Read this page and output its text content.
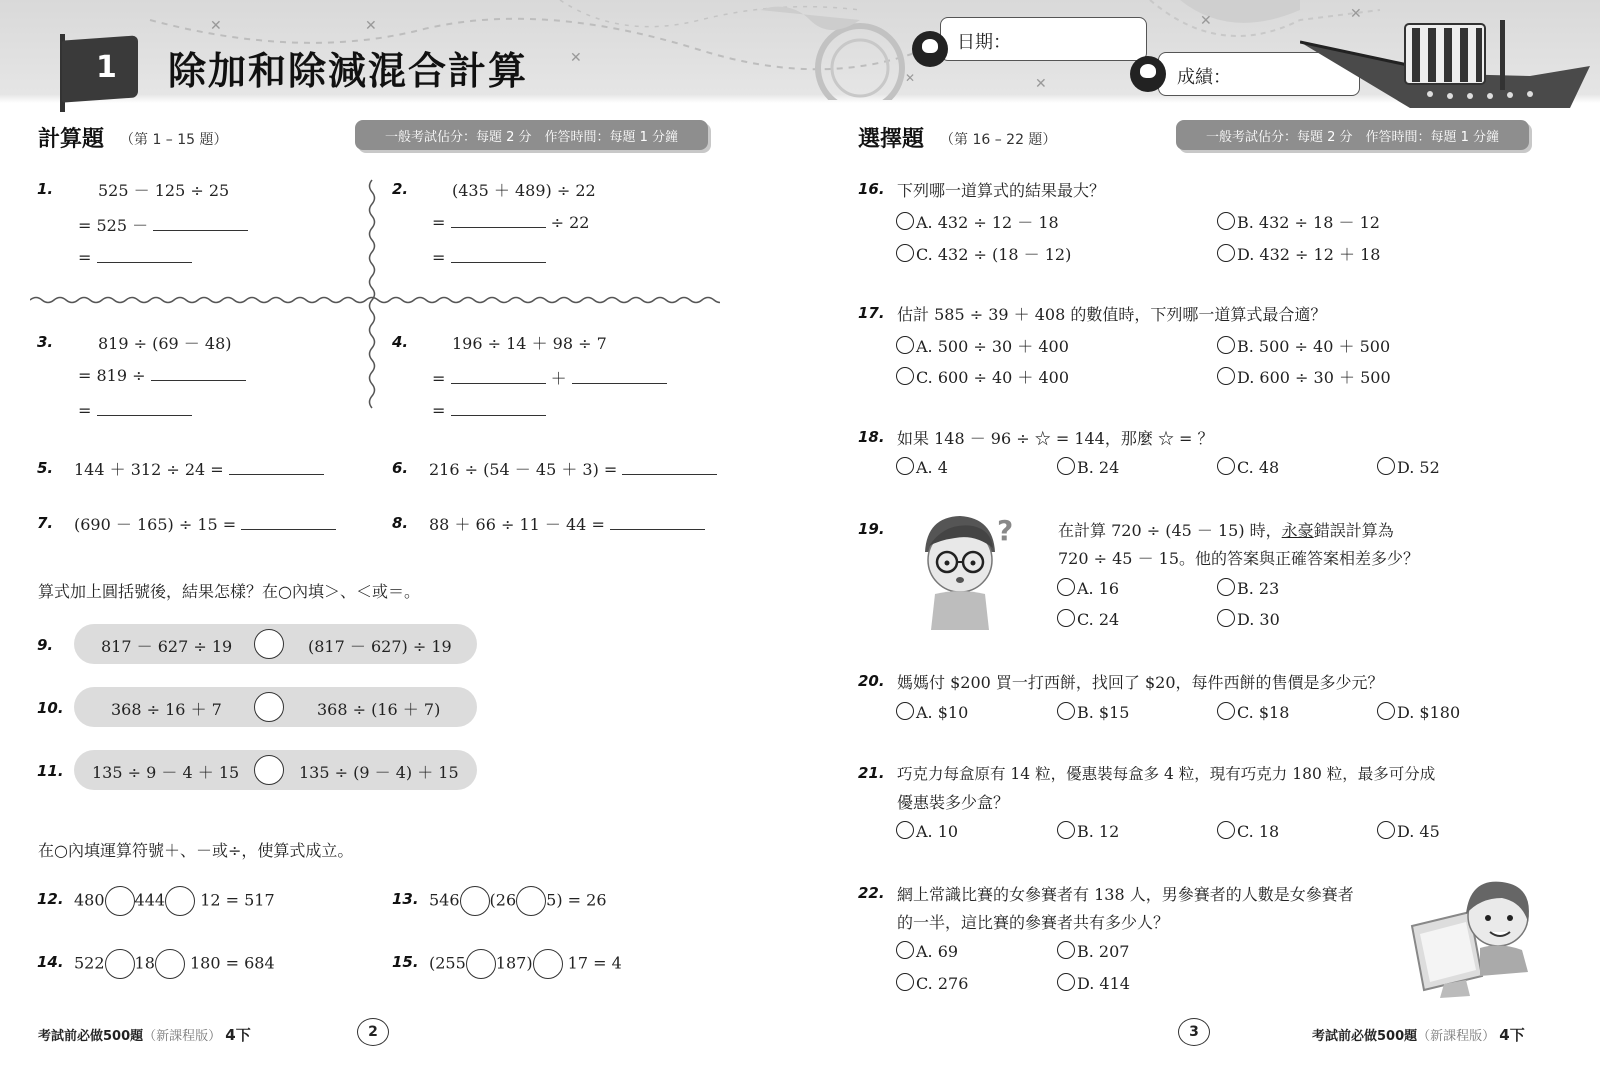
✕	✕
✕
✕
✕	✕
✕
1 除加和除減混合計算
日期：
成績：
計算題 （第 1 – 15 題）	一般考試佔分：每題 2 分　作答時間：每題 1 分鐘
1.	525 － 125 ÷ 25
= 525 －
=
2.	(435 ＋ 489) ÷ 22
=	÷ 22
=
3.	819 ÷ (69 － 48)
= 819 ÷
=
4.	196 ÷ 14 ＋ 98 ÷ 7
=	＋
=
5. 144 ＋ 312 ÷ 24 =	6. 216 ÷ (54 － 45 ＋ 3) =
7. (690 － 165) ÷ 15 =	8. 88 ＋ 66 ÷ 11 － 44 =
算式加上圓括號後，結果怎樣？在○內填＞、＜或＝。
9.	817 － 627 ÷ 19	(817 － 627) ÷ 19
10.	368 ÷ 16 ＋ 7	368 ÷ (16 ＋ 7)
11. 135 ÷ 9 － 4 ＋ 15	135 ÷ (9 － 4) ＋ 15
在○內填運算符號＋、－或÷，使算式成立。
12. 480 444 12 = 517	13. 546 (26 5) = 26
14. 522 18 180 = 684	15. (255 187) 17 = 4
考試前必做500題（新課程版） 4下	2
選擇題 （第 16 – 22 題）	一般考試佔分：每題 2 分　作答時間：每題 1 分鐘
16. 下列哪一道算式的結果最大？
A. 432 ÷ 12 － 18	B. 432 ÷ 18 － 12
C. 432 ÷ (18 － 12)	D. 432 ÷ 12 ＋ 18
17. 估計 585 ÷ 39 ＋ 408 的數值時，下列哪一道算式最合適？
A. 500 ÷ 30 ＋ 400	B. 500 ÷ 40 ＋ 500
C. 600 ÷ 40 ＋ 400	D. 600 ÷ 30 ＋ 500
18. 如果 148 － 96 ÷ ☆ = 144，那麼 ☆ = ？
A. 4	B. 24	C. 48	D. 52
19.	?	在計算 720 ÷ (45 － 15) 時，永豪錯誤計算為
720 ÷ 45 － 15。他的答案與正確答案相差多少？
A. 16	B. 23
C. 24	D. 30
20. 媽媽付 $200 買一打西餅，找回了 $20，每件西餅的售價是多少元？
A. $10	B. $15	C. $18	D. $180
21. 巧克力每盒原有 14 粒，優惠裝每盒多 4 粒，現有巧克力 180 粒，最多可分成
優惠裝多少盒？
A. 10	B. 12	C. 18	D. 45
22. 網上常識比賽的女參賽者有 138 人，男參賽者的人數是女參賽者
的一半，這比賽的參賽者共有多少人？
A. 69	B. 207
C. 276	D. 414
3	考試前必做500題（新課程版） 4下
